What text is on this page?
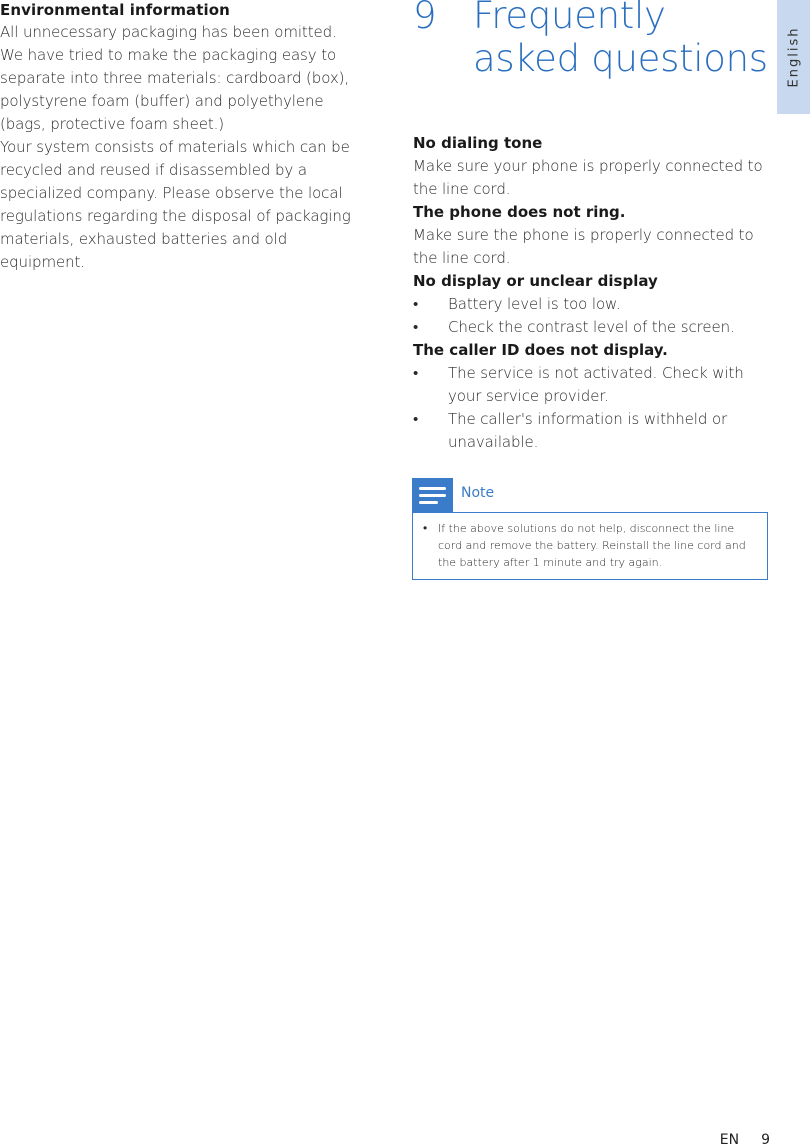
Environmental information

All unnecessary packaging has been omitted. We have tried to make the packaging easy to separate into three materials: cardboard (box), polystyrene foam (buffer) and polyethylene (bags, protective foam sheet.)

Your system consists of materials which can be recycled and reused if disassembled by a specialized company. Please observe the local regulations regarding the disposal of packaging materials, exhausted batteries and old equipment.

9 Frequently asked questions

No dialing tone

Make sure your phone is properly connected to the line cord.

The phone does not ring.

Make sure the phone is properly connected to the line cord.

No display or unclear display

• Battery level is too low.
• Check the contrast level of the screen.

The caller ID does not display.

• The service is not activated. Check with your service provider.
• The caller's information is withheld or unavailable.
Note
• If the above solutions do not help, disconnect the line cord and remove the battery. Reinstall the line cord and the battery after 1 minute and try again.
English
EN 9
